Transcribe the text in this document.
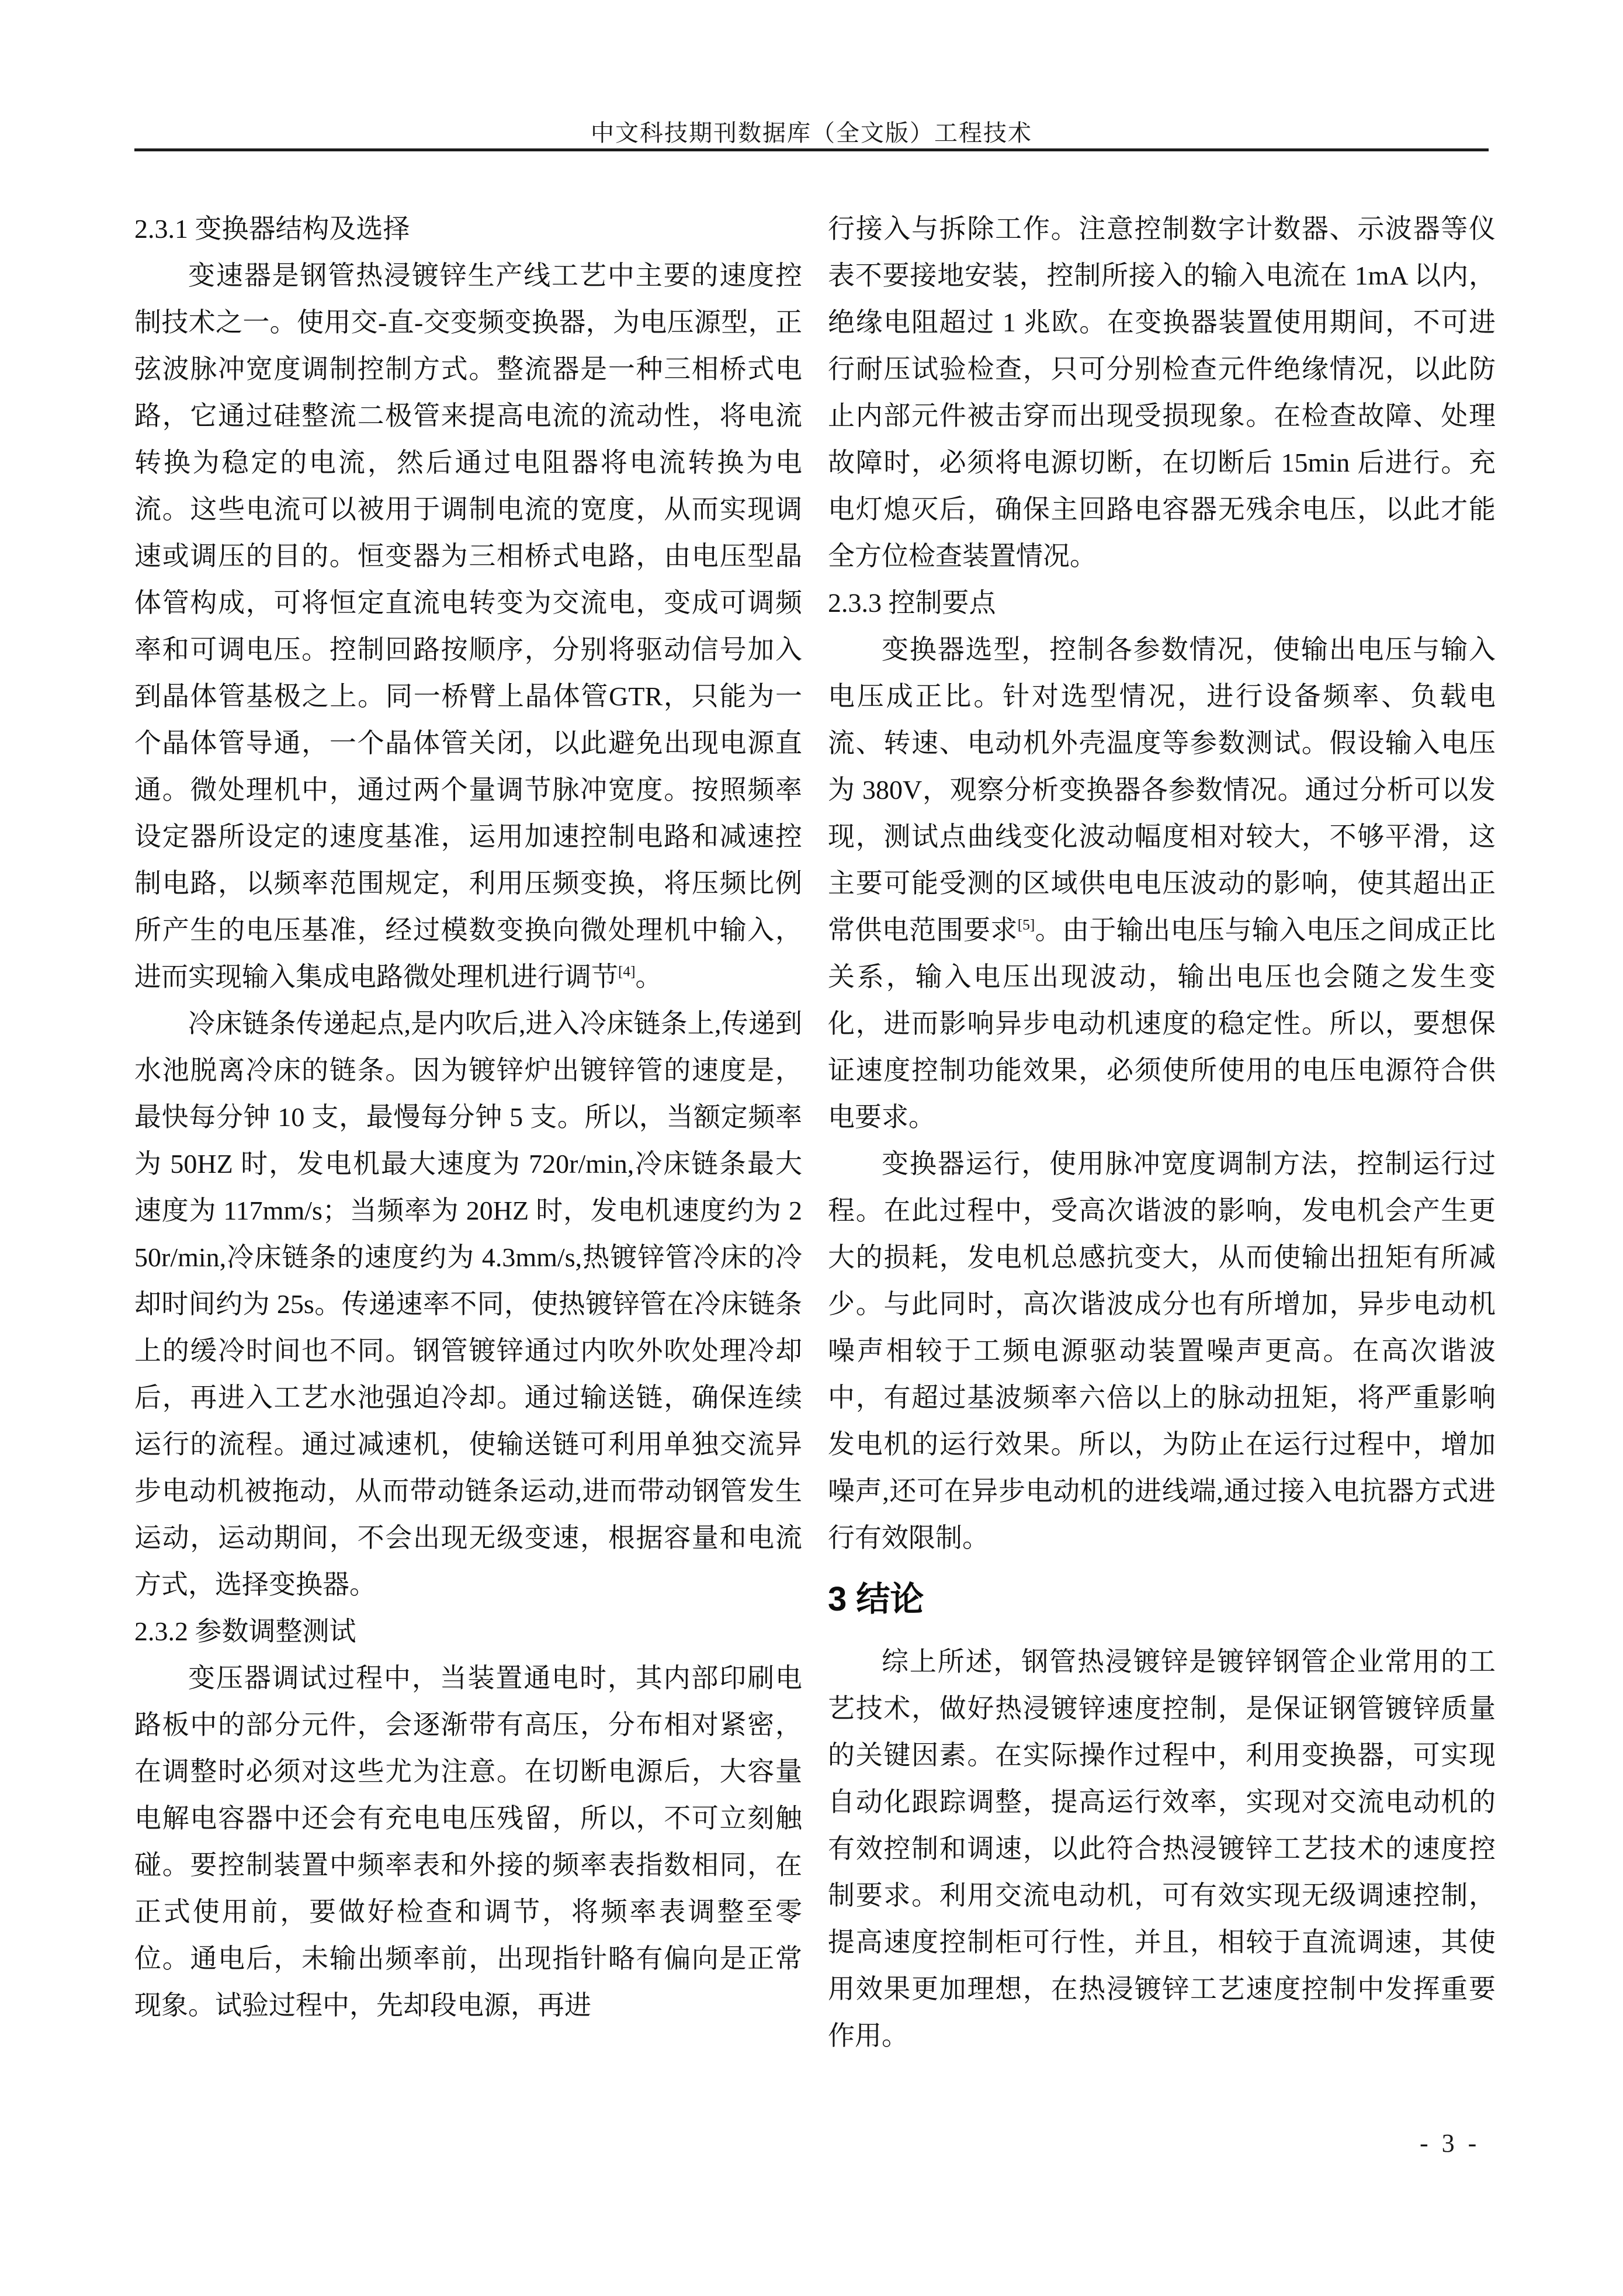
中文科技期刊数据库（全文版）工程技术
2.3.1 变换器结构及选择
变速器是钢管热浸镀锌生产线工艺中主要的速度控制技术之一。使用交-直-交变频变换器，为电压源型，正弦波脉冲宽度调制控制方式。整流器是一种三相桥式电路，它通过硅整流二极管来提高电流的流动性，将电流转换为稳定的电流，然后通过电阻器将电流转换为电流。这些电流可以被用于调制电流的宽度，从而实现调速或调压的目的。恒变器为三相桥式电路，由电压型晶体管构成，可将恒定直流电转变为交流电，变成可调频率和可调电压。控制回路按顺序，分别将驱动信号加入到晶体管基极之上。同一桥臂上晶体管GTR，只能为一个晶体管导通，一个晶体管关闭，以此避免出现电源直通。微处理机中，通过两个量调节脉冲宽度。按照频率设定器所设定的速度基准，运用加速控制电路和减速控制电路，以频率范围规定，利用压频变换，将压频比例所产生的电压基准，经过模数变换向微处理机中输入，进而实现输入集成电路微处理机进行调节[4]。
冷床链条传递起点,是内吹后,进入冷床链条上,传递到水池脱离冷床的链条。因为镀锌炉出镀锌管的速度是，最快每分钟 10 支，最慢每分钟 5 支。所以，当额定频率为 50HZ 时，发电机最大速度为 720r/min,冷床链条最大速度为 117mm/s；当频率为 20HZ 时，发电机速度约为 250r/min,冷床链条的速度约为 4.3mm/s,热镀锌管冷床的冷却时间约为 25s。传递速率不同，使热镀锌管在冷床链条上的缓冷时间也不同。钢管镀锌通过内吹外吹处理冷却后，再进入工艺水池强迫冷却。通过输送链，确保连续运行的流程。通过减速机，使输送链可利用单独交流异步电动机被拖动，从而带动链条运动,进而带动钢管发生运动，运动期间，不会出现无级变速，根据容量和电流方式，选择变换器。
2.3.2 参数调整测试
变压器调试过程中，当装置通电时，其内部印刷电路板中的部分元件，会逐渐带有高压，分布相对紧密，在调整时必须对这些尤为注意。在切断电源后，大容量电解电容器中还会有充电电压残留，所以，不可立刻触碰。要控制装置中频率表和外接的频率表指数相同，在正式使用前，要做好检查和调节，将频率表调整至零位。通电后，未输出频率前，出现指针略有偏向是正常现象。试验过程中，先却段电源，再进
行接入与拆除工作。注意控制数字计数器、示波器等仪表不要接地安装，控制所接入的输入电流在 1mA 以内，绝缘电阻超过 1 兆欧。在变换器装置使用期间，不可进行耐压试验检查，只可分别检查元件绝缘情况，以此防止内部元件被击穿而出现受损现象。在检查故障、处理故障时，必须将电源切断，在切断后 15min 后进行。充电灯熄灭后，确保主回路电容器无残余电压，以此才能全方位检查装置情况。
2.3.3 控制要点
变换器选型，控制各参数情况，使输出电压与输入电压成正比。针对选型情况，进行设备频率、负载电流、转速、电动机外壳温度等参数测试。假设输入电压为 380V，观察分析变换器各参数情况。通过分析可以发现，测试点曲线变化波动幅度相对较大，不够平滑，这主要可能受测的区域供电电压波动的影响，使其超出正常供电范围要求[5]。由于输出电压与输入电压之间成正比关系，输入电压出现波动，输出电压也会随之发生变化，进而影响异步电动机速度的稳定性。所以，要想保证速度控制功能效果，必须使所使用的电压电源符合供电要求。
变换器运行，使用脉冲宽度调制方法，控制运行过程。在此过程中，受高次谐波的影响，发电机会产生更大的损耗，发电机总感抗变大，从而使输出扭矩有所减少。与此同时，高次谐波成分也有所增加，异步电动机噪声相较于工频电源驱动装置噪声更高。在高次谐波中，有超过基波频率六倍以上的脉动扭矩，将严重影响发电机的运行效果。所以，为防止在运行过程中，增加噪声,还可在异步电动机的进线端,通过接入电抗器方式进行有效限制。
3 结论
综上所述，钢管热浸镀锌是镀锌钢管企业常用的工艺技术，做好热浸镀锌速度控制，是保证钢管镀锌质量的关键因素。在实际操作过程中，利用变换器，可实现自动化跟踪调整，提高运行效率，实现对交流电动机的有效控制和调速，以此符合热浸镀锌工艺技术的速度控制要求。利用交流电动机，可有效实现无级调速控制，提高速度控制柜可行性，并且，相较于直流调速，其使用效果更加理想，在热浸镀锌工艺速度控制中发挥重要作用。
- 3 -
